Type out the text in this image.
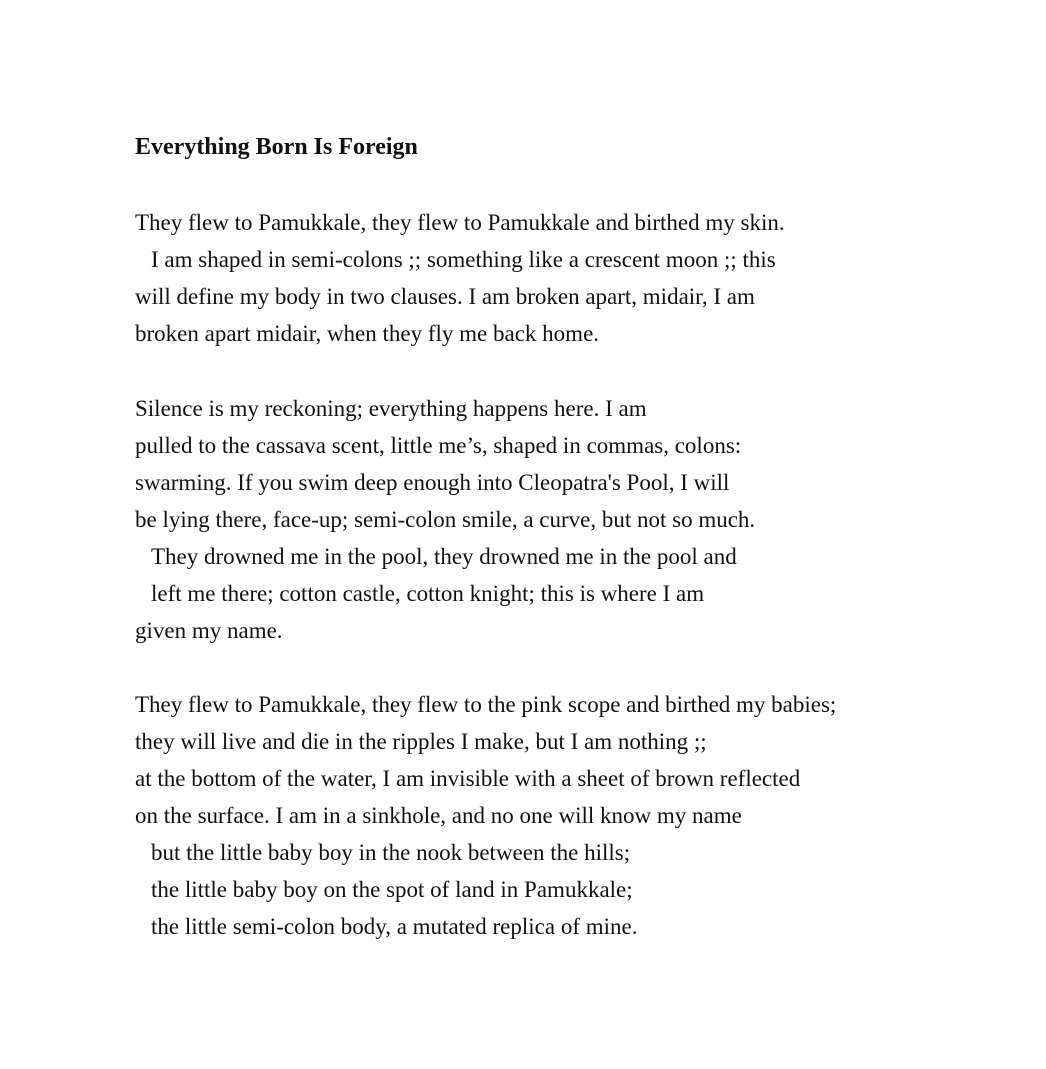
Everything Born Is Foreign
They flew to Pamukkale, they flew to Pamukkale and birthed my skin.
I am shaped in semi-colons ;; something like a crescent moon ;; this
will define my body in two clauses. I am broken apart, midair, I am
broken apart midair, when they fly me back home.
Silence is my reckoning; everything happens here. I am
pulled to the cassava scent, little me’s, shaped in commas, colons:
swarming. If you swim deep enough into Cleopatra's Pool, I will
be lying there, face-up; semi-colon smile, a curve, but not so much.
They drowned me in the pool, they drowned me in the pool and
left me there; cotton castle, cotton knight; this is where I am
given my name.
They flew to Pamukkale, they flew to the pink scope and birthed my babies;
they will live and die in the ripples I make, but I am nothing ;;
at the bottom of the water, I am invisible with a sheet of brown reflected
on the surface. I am in a sinkhole, and no one will know my name
but the little baby boy in the nook between the hills;
the little baby boy on the spot of land in Pamukkale;
the little semi-colon body, a mutated replica of mine.
